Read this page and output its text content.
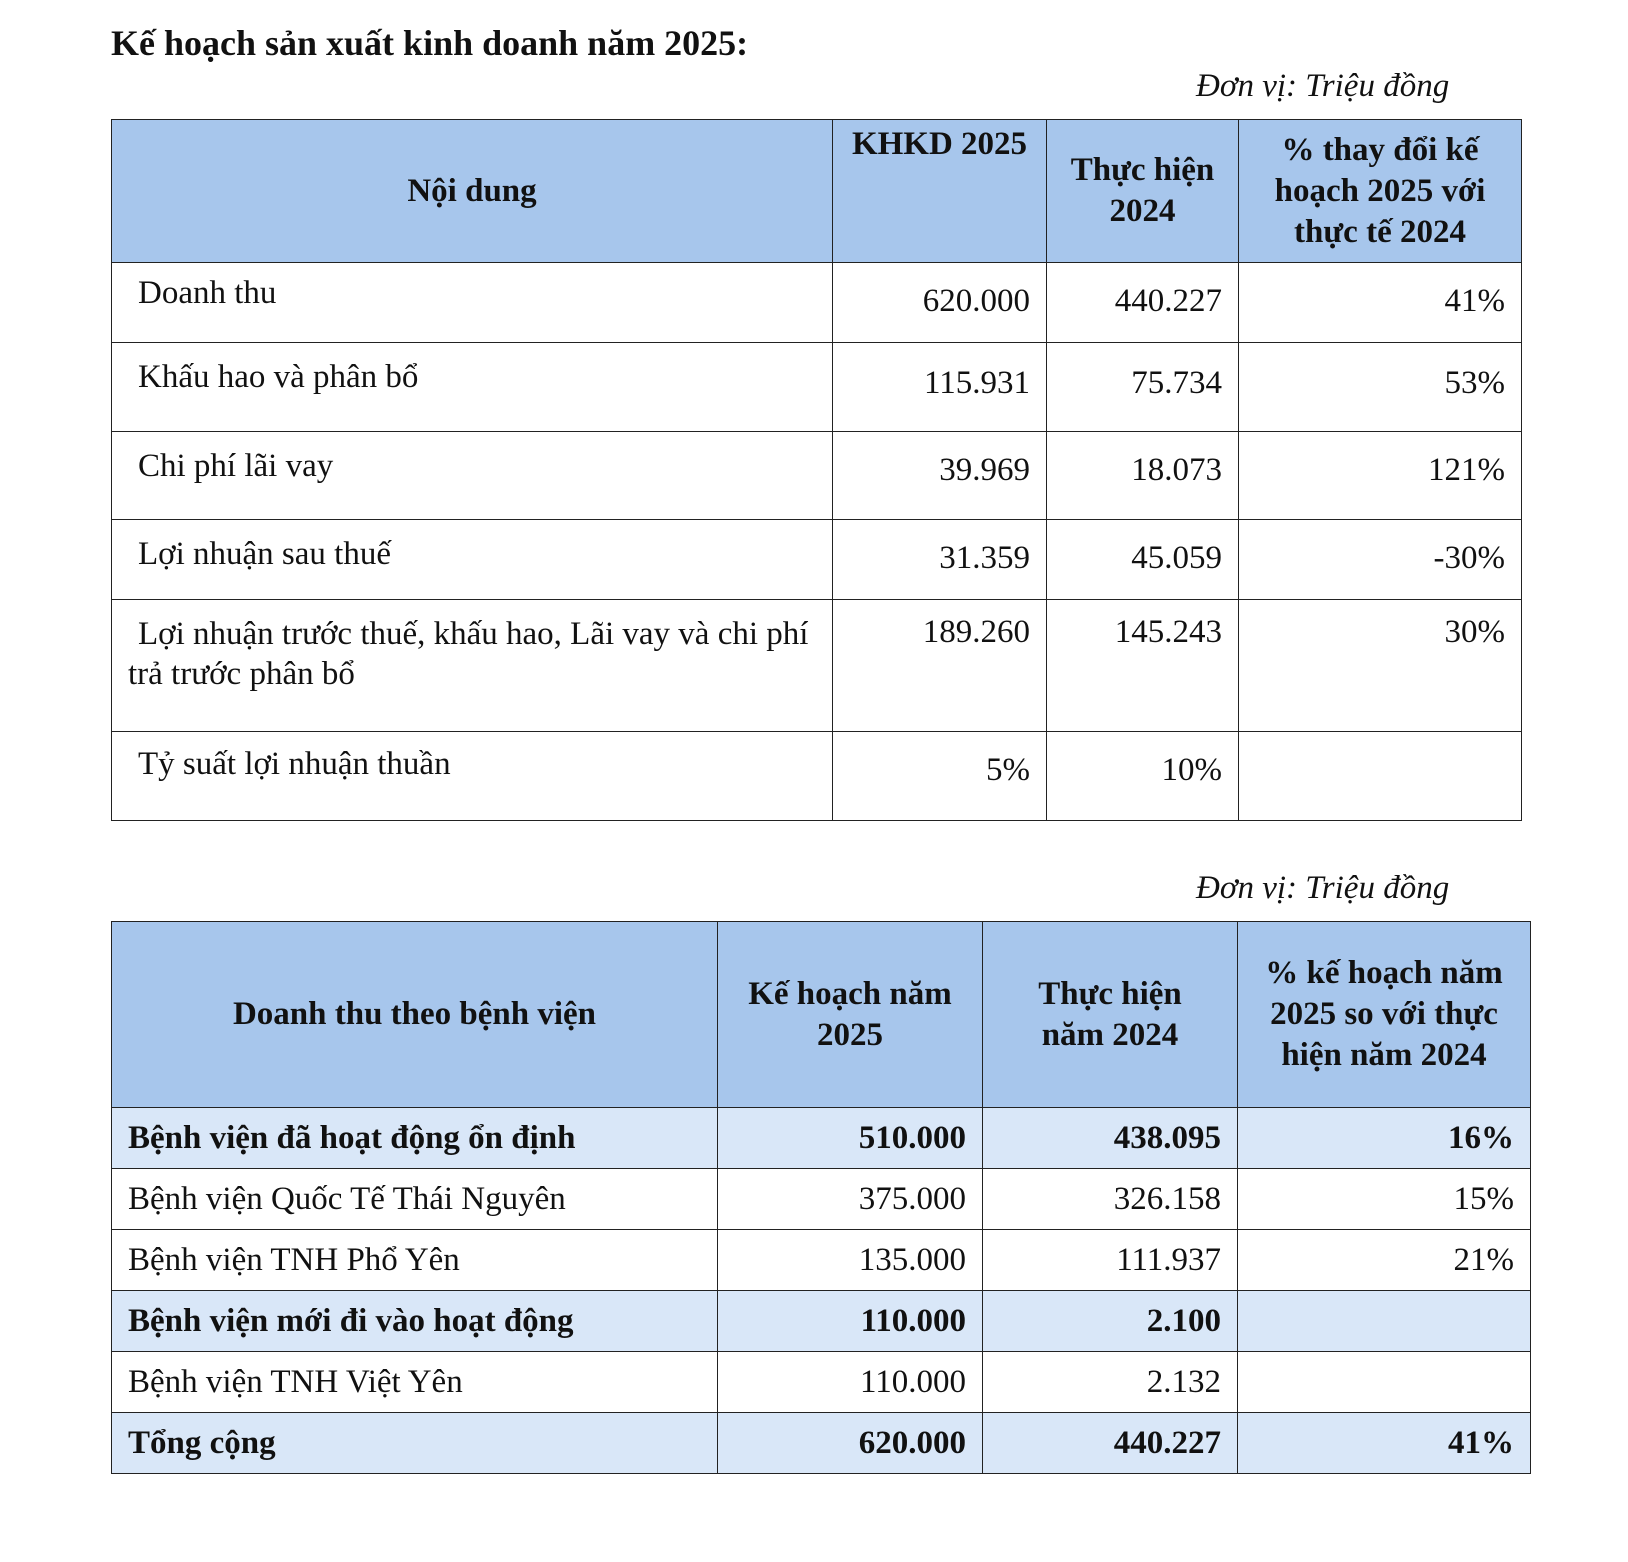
Kế hoạch sản xuất kinh doanh năm 2025:
Đơn vị: Triệu đồng
Nội dung	KHKD 2025	Thực hiện 2024	% thay đổi kế hoạch 2025 với thực tế 2024
Doanh thu	620.000	440.227	41%
Khấu hao và phân bổ	115.931	75.734	53%
Chi phí lãi vay	39.969	18.073	121%
Lợi nhuận sau thuế	31.359	45.059	-30%
Lợi nhuận trước thuế, khấu hao, Lãi vay và chi phí trả trước phân bổ	189.260	145.243	30%
Tỷ suất lợi nhuận thuần	5%	10%	
Đơn vị: Triệu đồng
Doanh thu theo bệnh viện	Kế hoạch năm 2025	Thực hiện năm 2024	% kế hoạch năm 2025 so với thực hiện năm 2024
Bệnh viện đã hoạt động ổn định	510.000	438.095	16%
Bệnh viện Quốc Tế Thái Nguyên	375.000	326.158	15%
Bệnh viện TNH Phổ Yên	135.000	111.937	21%
Bệnh viện mới đi vào hoạt động	110.000	2.100	
Bệnh viện TNH Việt Yên	110.000	2.132	
Tổng cộng	620.000	440.227	41%
